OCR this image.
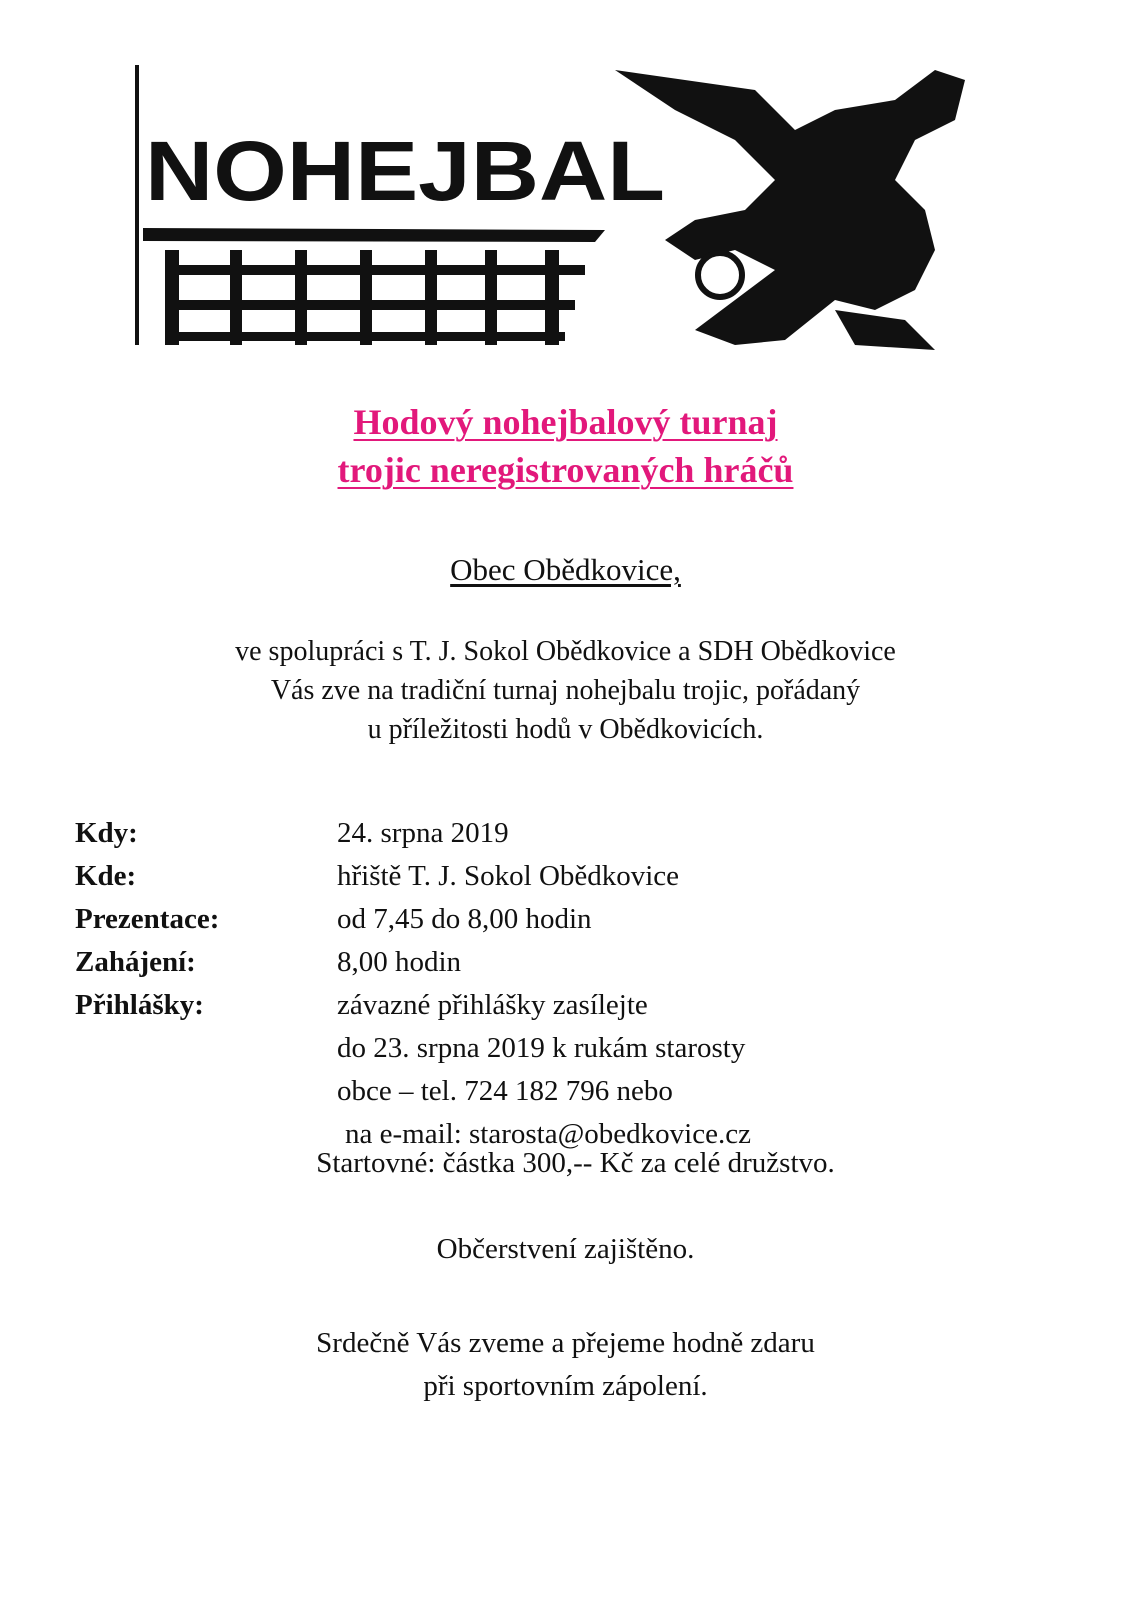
NOHEJBAL
Hodový nohejbalový turnaj
trojic neregistrovaných hráčů
Obec Obědkovice,
ve spolupráci s T. J. Sokol Obědkovice a SDH Obědkovice
Vás zve na tradiční turnaj nohejbalu trojic, pořádaný
u příležitosti hodů v Obědkovicích.
Kdy:	24. srpna 2019
Kde:	hřiště T. J. Sokol Obědkovice
Prezentace:	od 7,45 do 8,00 hodin
Zahájení:	8,00 hodin
Přihlášky:	závazné přihlášky zasílejte
do 23. srpna 2019 k rukám starosty
obce – tel. 724 182 796 nebo
na e-mail: starosta@obedkovice.cz
Startovné: částka 300,-- Kč za celé družstvo.
Občerstvení zajištěno.
Srdečně Vás zveme a přejeme hodně zdaru
při sportovním zápolení.
